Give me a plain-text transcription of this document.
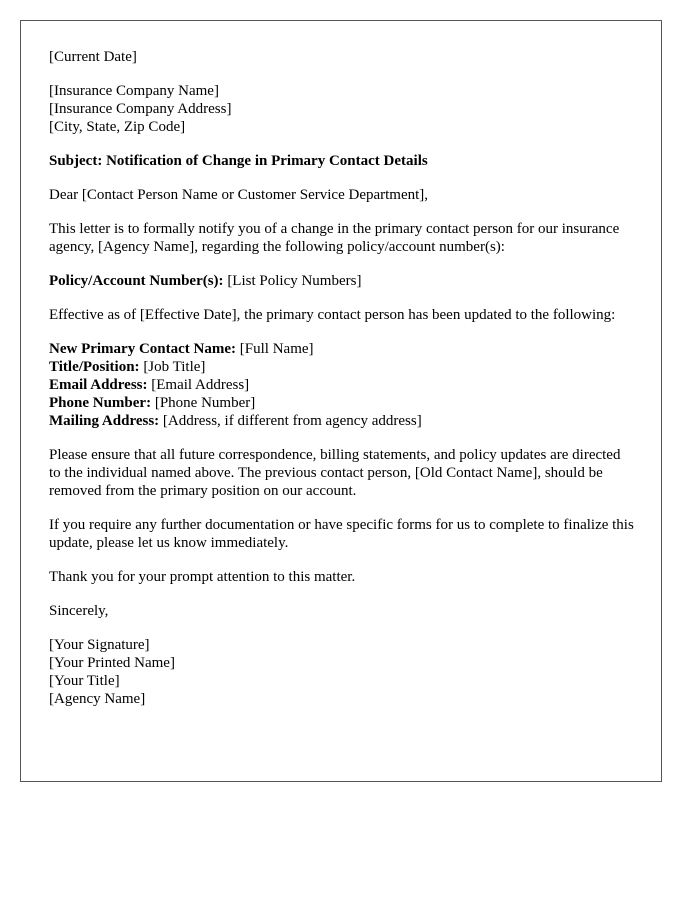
[Current Date]

[Insurance Company Name]
[Insurance Company Address]
[City, State, Zip Code]

Subject: Notification of Change in Primary Contact Details

Dear [Contact Person Name or Customer Service Department],

This letter is to formally notify you of a change in the primary contact person for our insurance agency, [Agency Name], regarding the following policy/account number(s):

Policy/Account Number(s): [List Policy Numbers]

Effective as of [Effective Date], the primary contact person has been updated to the following:

New Primary Contact Name: [Full Name]
Title/Position: [Job Title]
Email Address: [Email Address]
Phone Number: [Phone Number]
Mailing Address: [Address, if different from agency address]

Please ensure that all future correspondence, billing statements, and policy updates are directed to the individual named above. The previous contact person, [Old Contact Name], should be removed from the primary position on our account.

If you require any further documentation or have specific forms for us to complete to finalize this update, please let us know immediately.

Thank you for your prompt attention to this matter.

Sincerely,

[Your Signature]
[Your Printed Name]
[Your Title]
[Agency Name]
